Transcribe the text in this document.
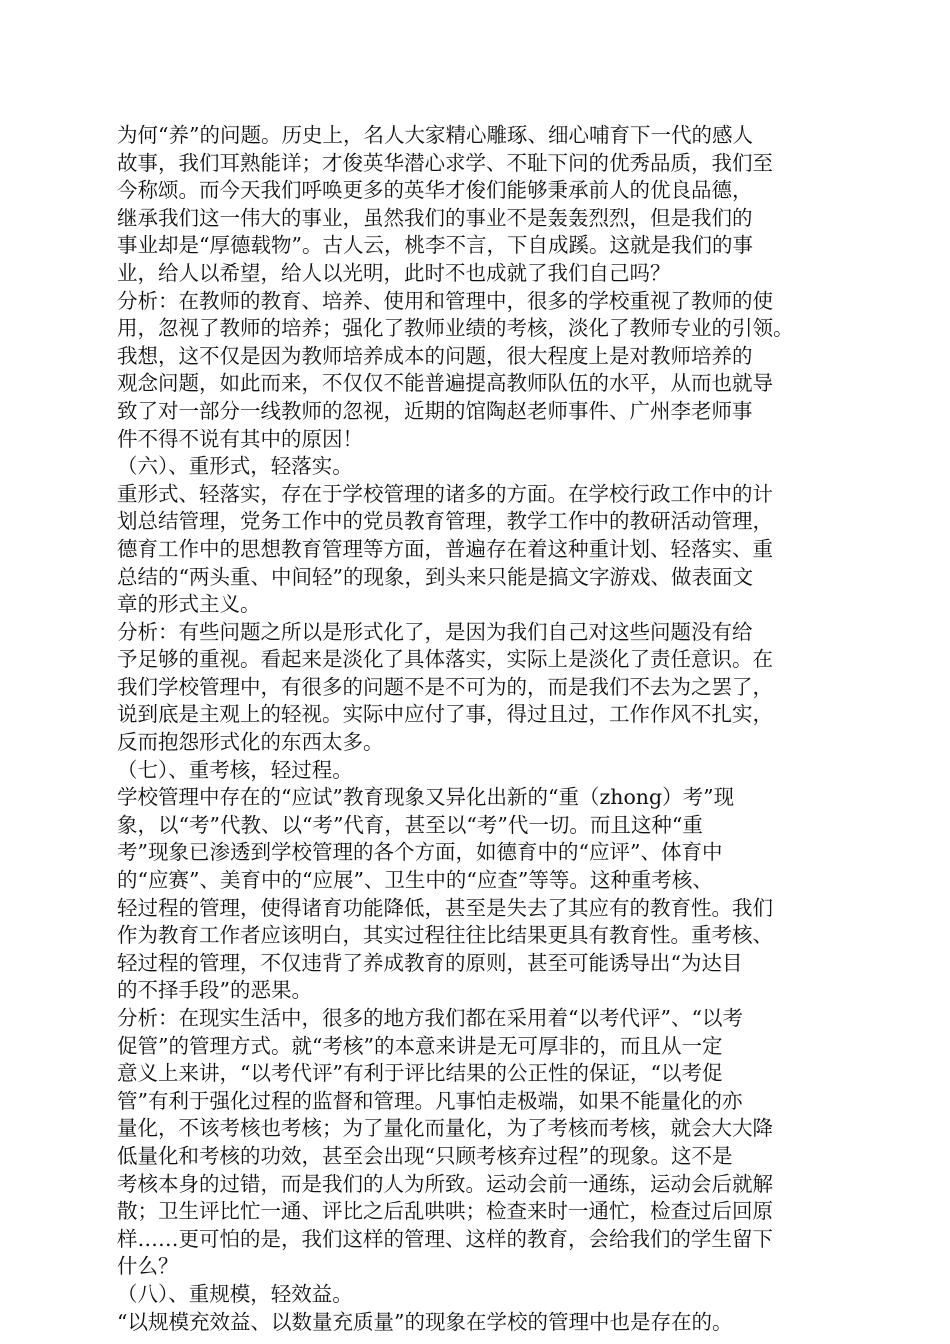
为何“养”的问题。历史上，名人大家精心雕琢、细心哺育下一代的感人
故事，我们耳熟能详；才俊英华潜心求学、不耻下问的优秀品质，我们至
今称颂。而今天我们呼唤更多的英华才俊们能够秉承前人的优良品德，
继承我们这一伟大的事业，虽然我们的事业不是轰轰烈烈，但是我们的
事业却是“厚德载物”。古人云，桃李不言，下自成蹊。这就是我们的事
业，给人以希望，给人以光明，此时不也成就了我们自己吗？
分析：在教师的教育、培养、使用和管理中，很多的学校重视了教师的使
用，忽视了教师的培养；强化了教师业绩的考核，淡化了教师专业的引领。
我想，这不仅是因为教师培养成本的问题，很大程度上是对教师培养的
观念问题，如此而来，不仅仅不能普遍提高教师队伍的水平，从而也就导
致了对一部分一线教师的忽视，近期的馆陶赵老师事件、广州李老师事
件不得不说有其中的原因！
（六）、重形式，轻落实。
重形式、轻落实，存在于学校管理的诸多的方面。在学校行政工作中的计
划总结管理，党务工作中的党员教育管理，教学工作中的教研活动管理，
德育工作中的思想教育管理等方面，普遍存在着这种重计划、轻落实、重
总结的“两头重、中间轻”的现象，到头来只能是搞文字游戏、做表面文
章的形式主义。
分析：有些问题之所以是形式化了，是因为我们自己对这些问题没有给
予足够的重视。看起来是淡化了具体落实，实际上是淡化了责任意识。在
我们学校管理中，有很多的问题不是不可为的，而是我们不去为之罢了，
说到底是主观上的轻视。实际中应付了事，得过且过，工作作风不扎实，
反而抱怨形式化的东西太多。
（七）、重考核，轻过程。
学校管理中存在的“应试”教育现象又异化出新的“重（zhong）考”现
象，以“考”代教、以“考”代育，甚至以“考”代一切。而且这种“重
考”现象已渗透到学校管理的各个方面，如德育中的“应评”、体育中
的“应赛”、美育中的“应展”、卫生中的“应查”等等。这种重考核、
轻过程的管理，使得诸育功能降低，甚至是失去了其应有的教育性。我们
作为教育工作者应该明白，其实过程往往比结果更具有教育性。重考核、
轻过程的管理，不仅违背了养成教育的原则，甚至可能诱导出“为达目
的不择手段”的恶果。
分析：在现实生活中，很多的地方我们都在采用着“以考代评”、“以考
促管”的管理方式。就“考核”的本意来讲是无可厚非的，而且从一定
意义上来讲，“以考代评”有利于评比结果的公正性的保证，“以考促
管”有利于强化过程的监督和管理。凡事怕走极端，如果不能量化的亦
量化，不该考核也考核；为了量化而量化，为了考核而考核，就会大大降
低量化和考核的功效，甚至会出现“只顾考核弃过程”的现象。这不是
考核本身的过错，而是我们的人为所致。运动会前一通练，运动会后就解
散；卫生评比忙一通、评比之后乱哄哄；检查来时一通忙，检查过后回原
样……更可怕的是，我们这样的管理、这样的教育，会给我们的学生留下
什么？
（八）、重规模，轻效益。
“以规模充效益、以数量充质量”的现象在学校的管理中也是存在的。
